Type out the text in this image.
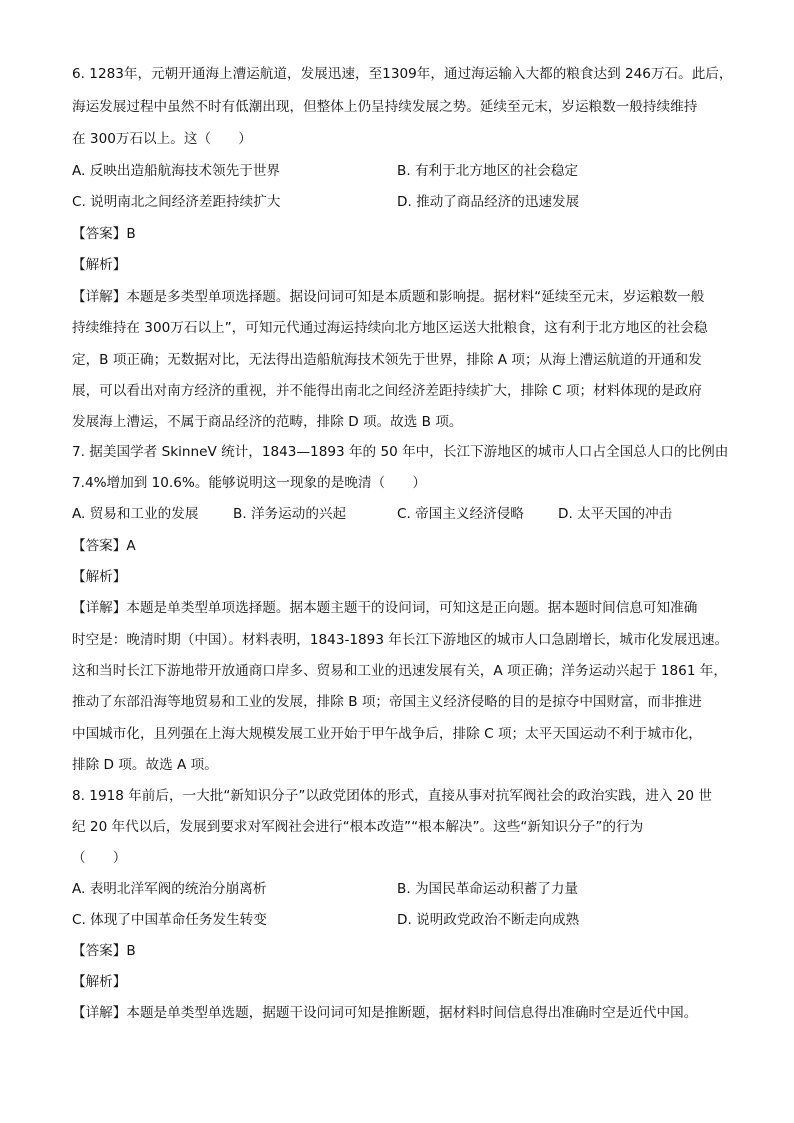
6. 1283年，元朝开通海上漕运航道，发展迅速，至1309年，通过海运输入大都的粮食达到 246万石。此后，
海运发展过程中虽然不时有低潮出现，但整体上仍呈持续发展之势。延续至元末，岁运粮数一般持续维持
在 300万石以上。这（　　）
A. 反映出造船航海技术领先于世界	B. 有利于北方地区的社会稳定
C. 说明南北之间经济差距持续扩大	D. 推动了商品经济的迅速发展
【答案】B
【解析】
【详解】本题是多类型单项选择题。据设问词可知是本质题和影响提。据材料“延续至元末，岁运粮数一般
持续维持在 300万石以上”，可知元代通过海运持续向北方地区运送大批粮食，这有利于北方地区的社会稳
定，B 项正确；无数据对比，无法得出造船航海技术领先于世界，排除 A 项；从海上漕运航道的开通和发
展，可以看出对南方经济的重视，并不能得出南北之间经济差距持续扩大，排除 C 项；材料体现的是政府
发展海上漕运，不属于商品经济的范畴，排除 D 项。故选 B 项。
7. 据美国学者 SkinneV 统计，1843—1893 年的 50 年中，长江下游地区的城市人口占全国总人口的比例由
7.4%增加到 10.6%。能够说明这一现象的是晚清（　　）
A. 贸易和工业的发展	B. 洋务运动的兴起	C. 帝国主义经济侵略	D. 太平天国的冲击
【答案】A
【解析】
【详解】本题是单类型单项选择题。据本题主题干的设问词，可知这是正向题。据本题时间信息可知准确
时空是：晚清时期（中国）。材料表明，1843-1893 年长江下游地区的城市人口急剧增长，城市化发展迅速。
这和当时长江下游地带开放通商口岸多、贸易和工业的迅速发展有关，A 项正确；洋务运动兴起于 1861 年，
推动了东部沿海等地贸易和工业的发展，排除 B 项；帝国主义经济侵略的目的是掠夺中国财富，而非推进
中国城市化，且列强在上海大规模发展工业开始于甲午战争后，排除 C 项；太平天国运动不利于城市化，
排除 D 项。故选 A 项。
8. 1918 年前后，一大批“新知识分子”以政党团体的形式，直接从事对抗军阀社会的政治实践，进入 20 世
纪 20 年代以后，发展到要求对军阀社会进行“根本改造”“根本解决”。这些“新知识分子”的行为
（　　）
A. 表明北洋军阀的统治分崩离析	B. 为国民革命运动积蓄了力量
C. 体现了中国革命任务发生转变	D. 说明政党政治不断走向成熟
【答案】B
【解析】
【详解】本题是单类型单选题，据题干设问词可知是推断题，据材料时间信息得出准确时空是近代中国。
